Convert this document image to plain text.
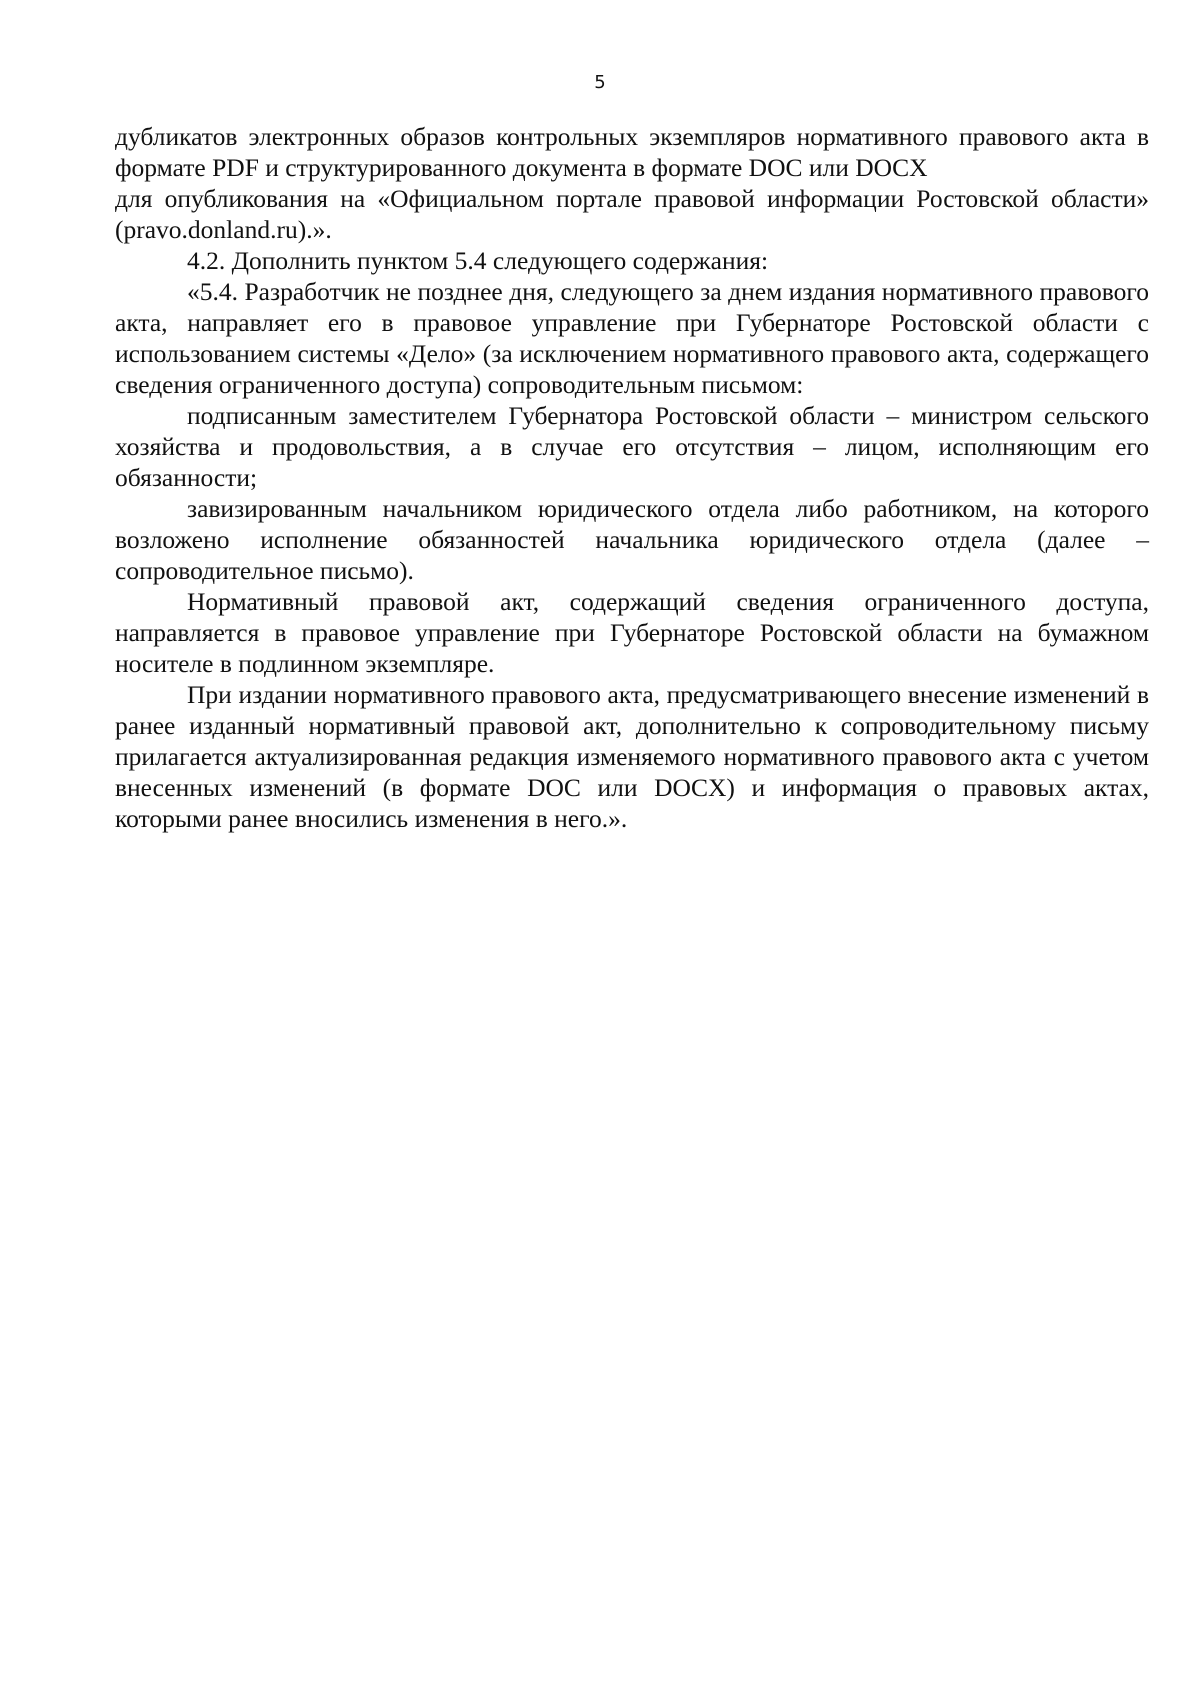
5

дубликатов электронных образов контрольных экземпляров нормативного правового акта в формате PDF и структурированного документа в формате DOC или DOCX

для опубликования на «Официальном портале правовой информации Ростовской области» (pravo.donland.ru).».

4.2. Дополнить пунктом 5.4 следующего содержания:

«5.4. Разработчик не позднее дня, следующего за днем издания нормативного правового акта, направляет его в правовое управление при Губернаторе Ростовской области с использованием системы «Дело» (за исключением нормативного правового акта, содержащего сведения ограниченного доступа) сопроводительным письмом:

подписанным заместителем Губернатора Ростовской области – министром сельского хозяйства и продовольствия, а в случае его отсутствия – лицом, исполняющим его обязанности;

завизированным начальником юридического отдела либо работником, на которого возложено исполнение обязанностей начальника юридического отдела (далее – сопроводительное письмо).

Нормативный правовой акт, содержащий сведения ограниченного доступа, направляется в правовое управление при Губернаторе Ростовской области на бумажном носителе в подлинном экземпляре.

При издании нормативного правового акта, предусматривающего внесение изменений в ранее изданный нормативный правовой акт, дополнительно к сопроводительному письму прилагается актуализированная редакция изменяемого нормативного правового акта с учетом внесенных изменений (в формате DOC или DOCX) и информация о правовых актах, которыми ранее вносились изменения в него.».
